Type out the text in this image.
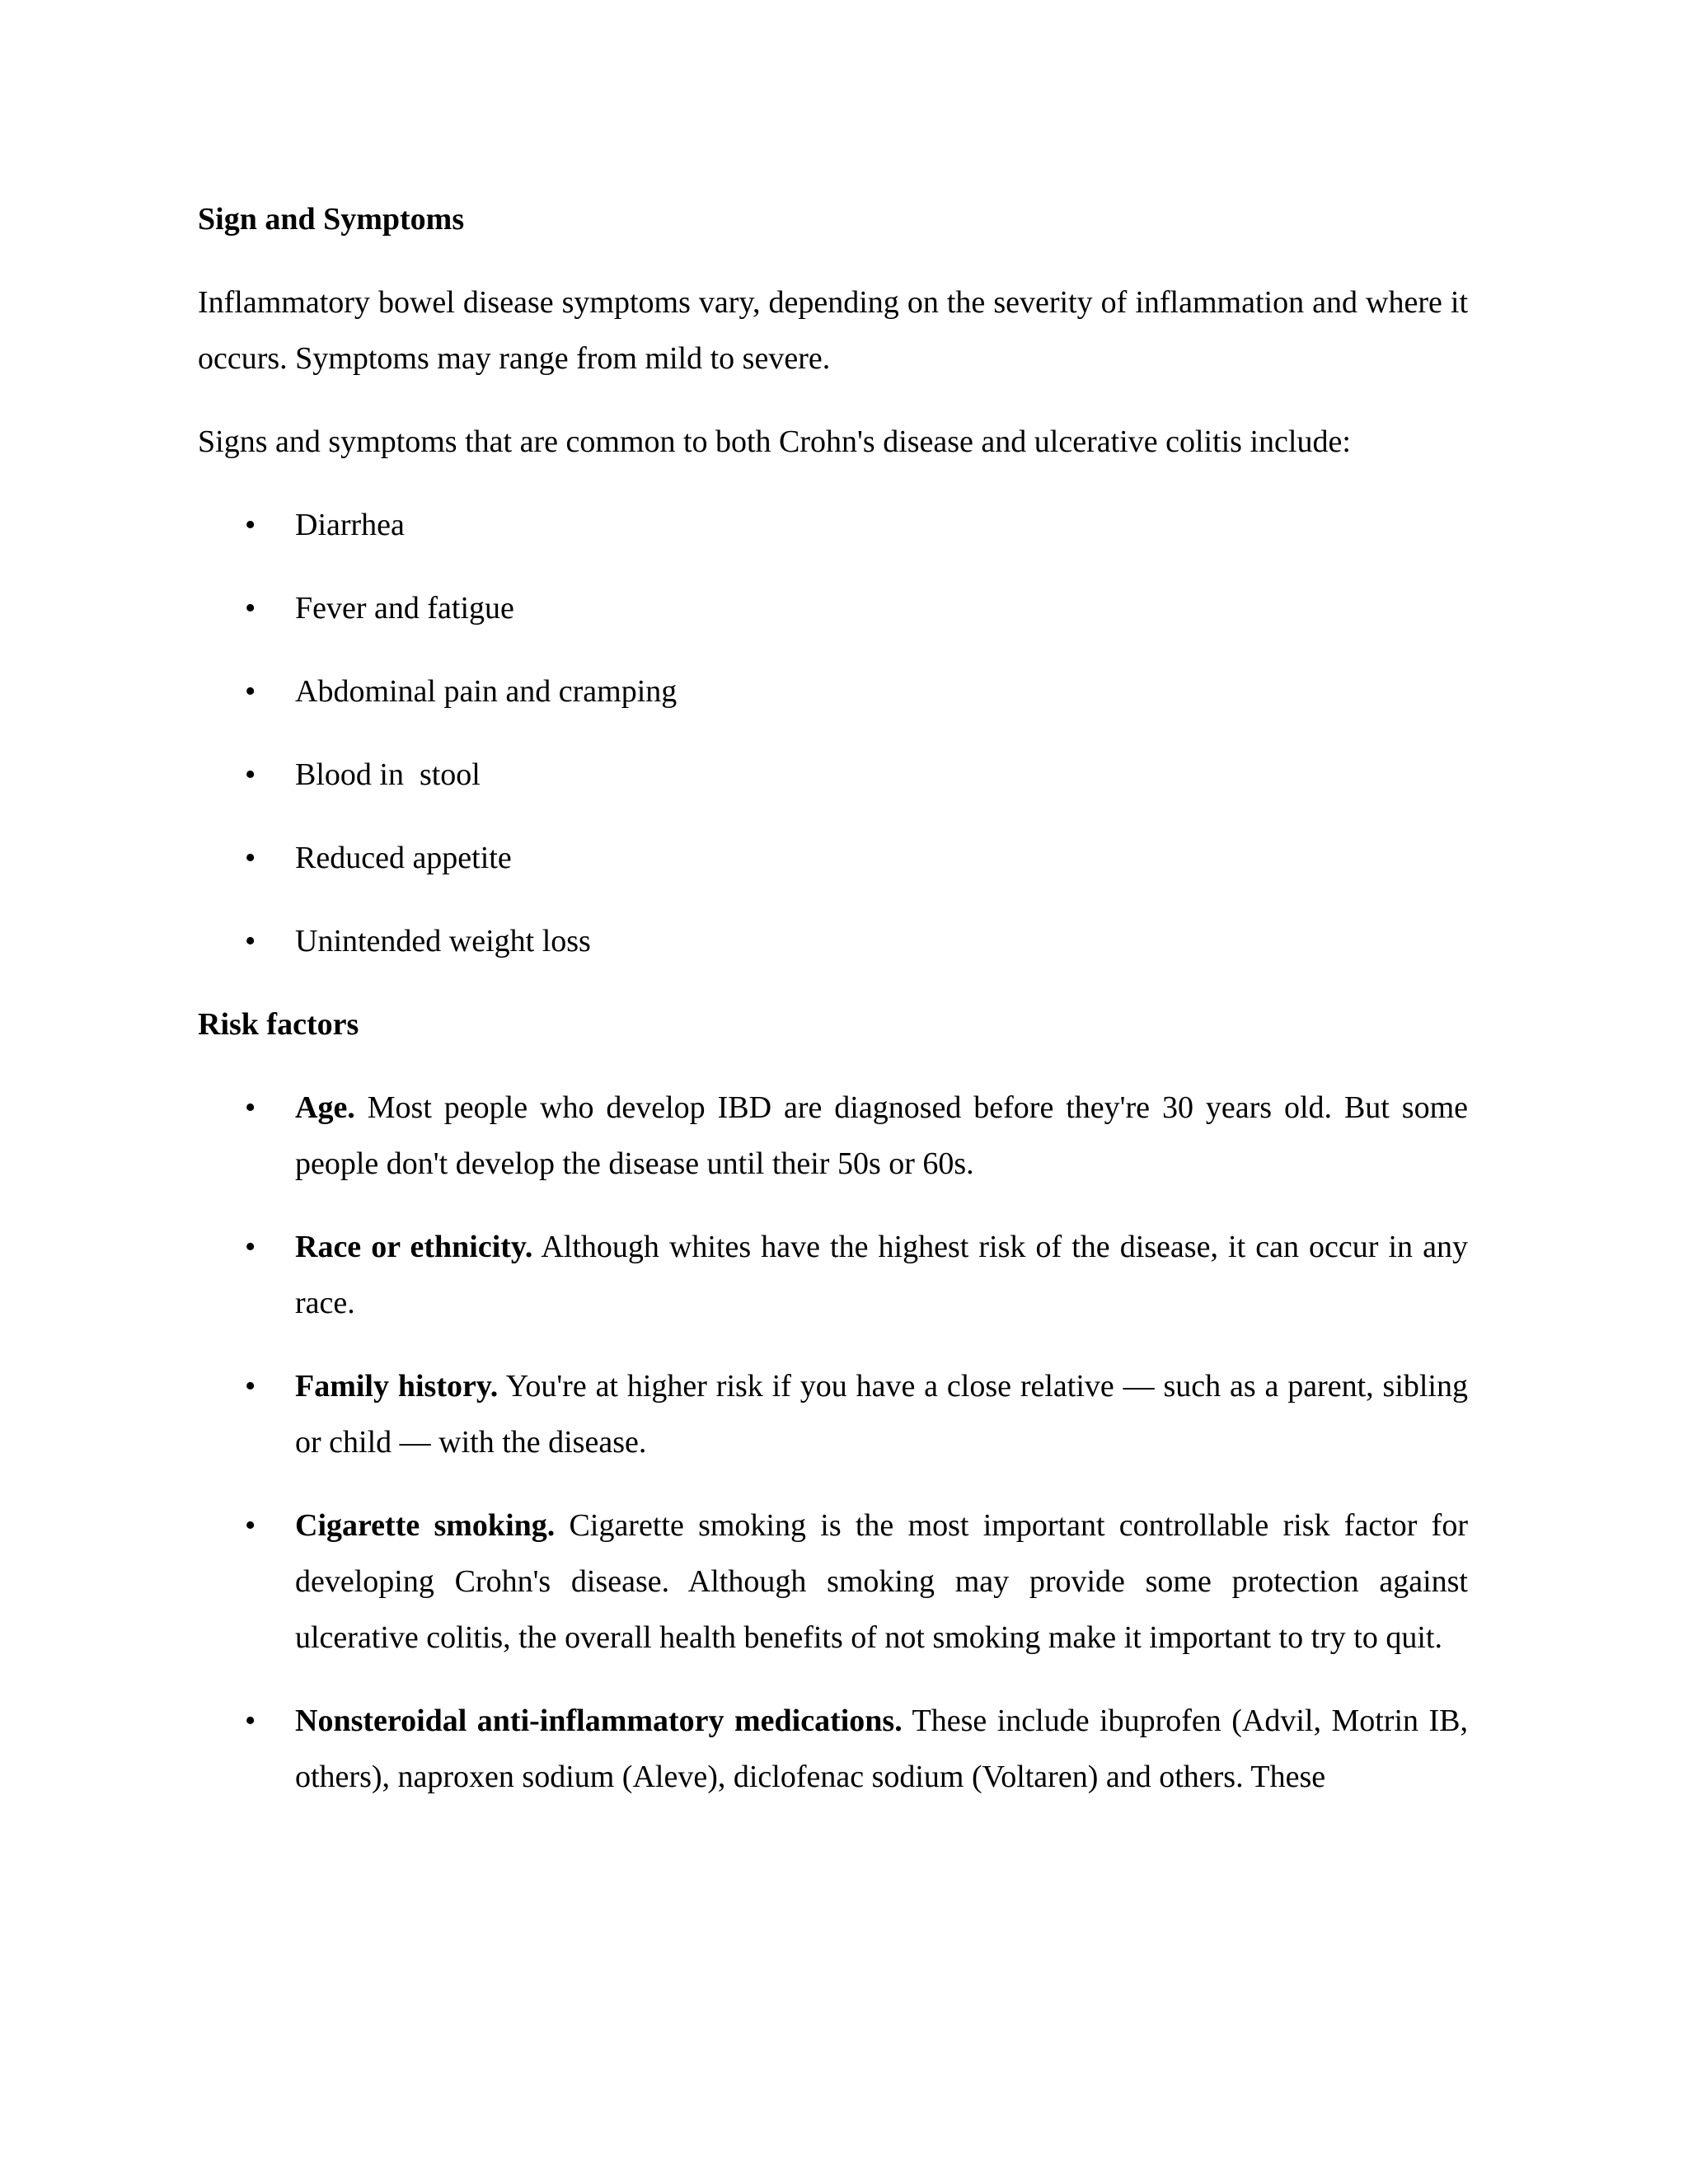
Sign and Symptoms

Inflammatory bowel disease symptoms vary, depending on the severity of inflammation and where it occurs. Symptoms may range from mild to severe.

Signs and symptoms that are common to both Crohn's disease and ulcerative colitis include:

• Diarrhea
• Fever and fatigue
• Abdominal pain and cramping
• Blood in  stool
• Reduced appetite
• Unintended weight loss

Risk factors

• Age. Most people who develop IBD are diagnosed before they're 30 years old. But some people don't develop the disease until their 50s or 60s.
• Race or ethnicity. Although whites have the highest risk of the disease, it can occur in any race.
• Family history. You're at higher risk if you have a close relative — such as a parent, sibling or child — with the disease.
• Cigarette smoking. Cigarette smoking is the most important controllable risk factor for developing Crohn's disease. Although smoking may provide some protection against ulcerative colitis, the overall health benefits of not smoking make it important to try to quit.
• Nonsteroidal anti-inflammatory medications. These include ibuprofen (Advil, Motrin IB, others), naproxen sodium (Aleve), diclofenac sodium (Voltaren) and others. These
